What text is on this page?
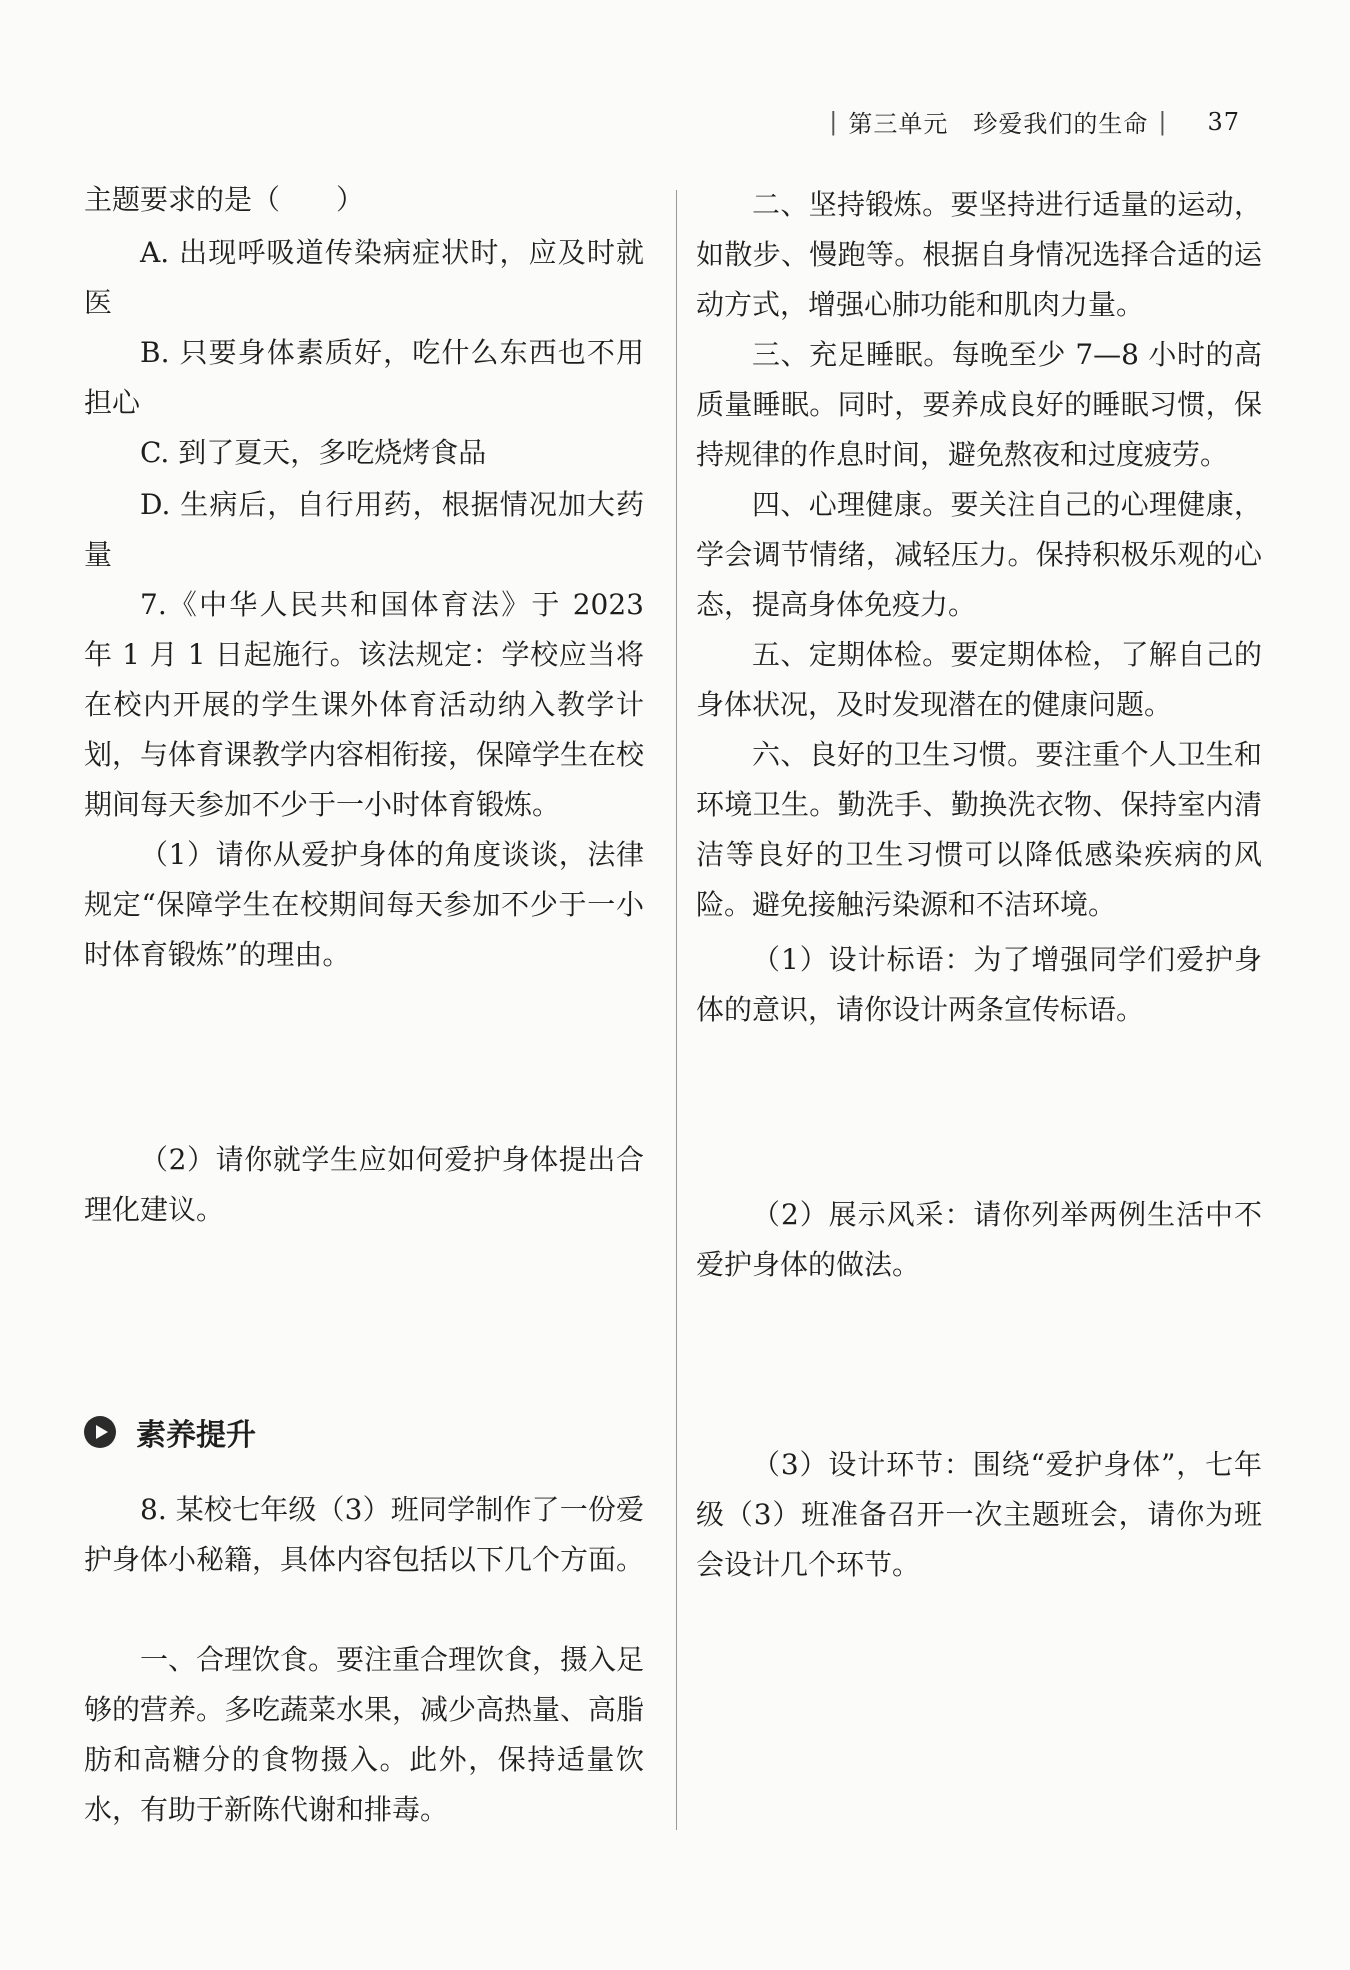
| 第三单元　珍爱我们的生命 | 37

主题要求的是（　　）

A. 出现呼吸道传染病症状时，应及时就医

B. 只要身体素质好，吃什么东西也不用担心

C. 到了夏天，多吃烧烤食品

D. 生病后，自行用药，根据情况加大药量

7.《中华人民共和国体育法》于 2023 年 1 月 1 日起施行。该法规定：学校应当将在校内开展的学生课外体育活动纳入教学计划，与体育课教学内容相衔接，保障学生在校期间每天参加不少于一小时体育锻炼。

（1）请你从爱护身体的角度谈谈，法律规定“保障学生在校期间每天参加不少于一小时体育锻炼”的理由。

（2）请你就学生应如何爱护身体提出合理化建议。

8. 某校七年级（3）班同学制作了一份爱护身体小秘籍，具体内容包括以下几个方面。

一、合理饮食。要注重合理饮食，摄入足够的营养。多吃蔬菜水果，减少高热量、高脂肪和高糖分的食物摄入。此外，保持适量饮水，有助于新陈代谢和排毒。

素养提升

二、坚持锻炼。要坚持进行适量的运动，如散步、慢跑等。根据自身情况选择合适的运动方式，增强心肺功能和肌肉力量。

三、充足睡眠。每晚至少 7—8 小时的高质量睡眠。同时，要养成良好的睡眠习惯，保持规律的作息时间，避免熬夜和过度疲劳。

四、心理健康。要关注自己的心理健康，学会调节情绪，减轻压力。保持积极乐观的心态，提高身体免疫力。

五、定期体检。要定期体检，了解自己的身体状况，及时发现潜在的健康问题。

六、良好的卫生习惯。要注重个人卫生和环境卫生。勤洗手、勤换洗衣物、保持室内清洁等良好的卫生习惯可以降低感染疾病的风险。避免接触污染源和不洁环境。

（1）设计标语：为了增强同学们爱护身体的意识，请你设计两条宣传标语。

（2）展示风采：请你列举两例生活中不爱护身体的做法。

（3）设计环节：围绕“爱护身体”，七年级（3）班准备召开一次主题班会，请你为班会设计几个环节。
